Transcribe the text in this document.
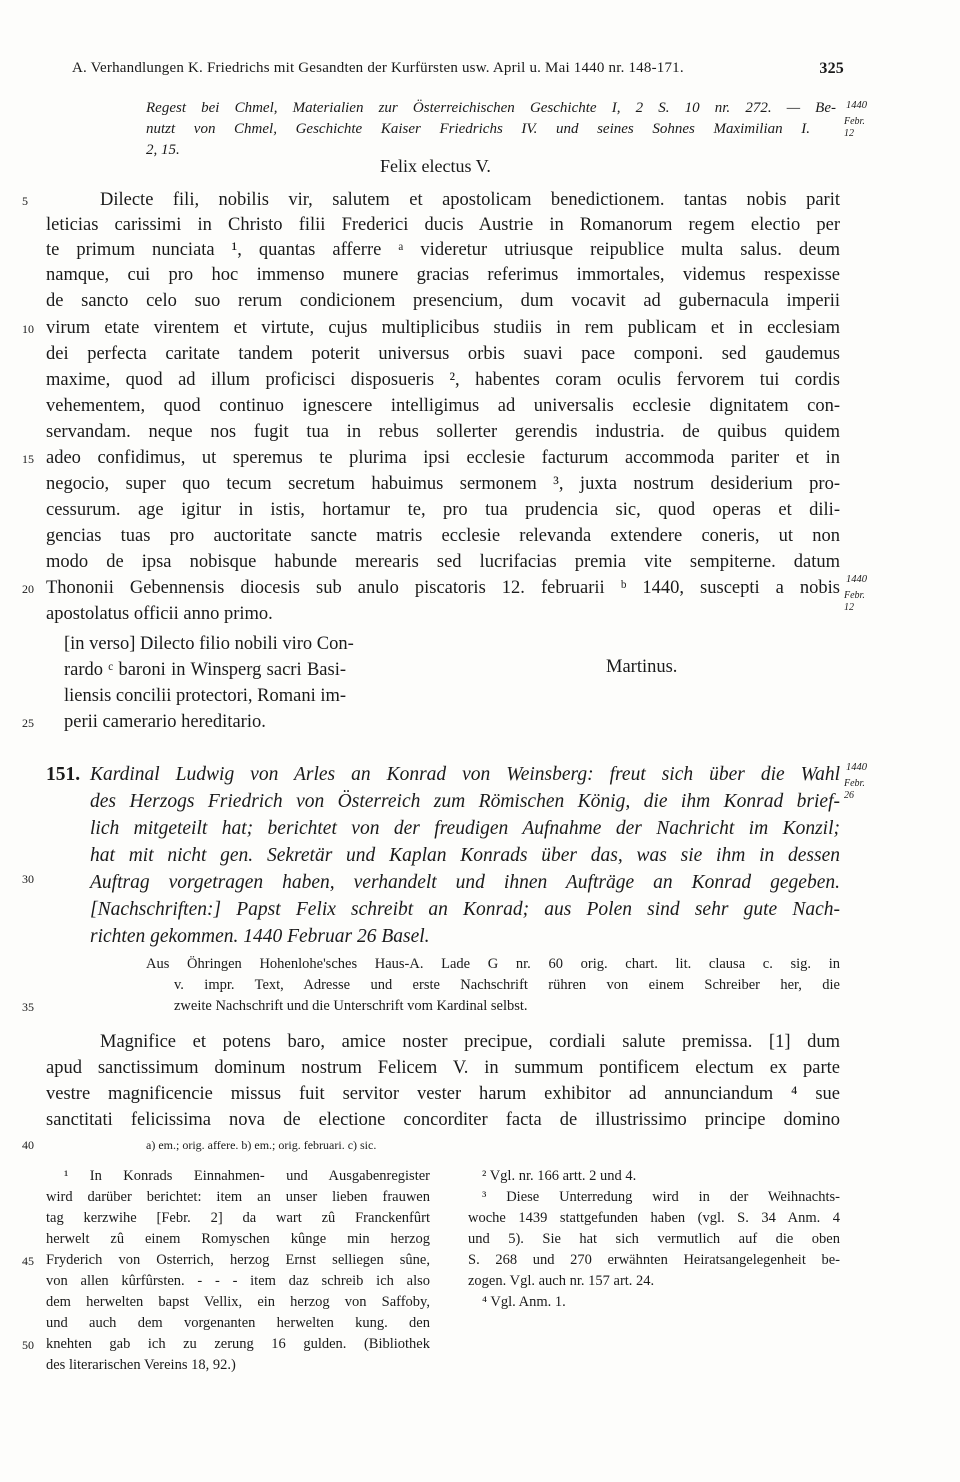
A. Verhandlungen K. Friedrichs mit Gesandten der Kurfürsten usw. April u. Mai 1440 nr. 148-171.	325
Regest bei Chmel, Materialien zur Österreichischen Geschichte I, 2 S. 10 nr. 272. — Be-
nutzt von Chmel, Geschichte Kaiser Friedrichs IV. und seines Sohnes Maximilian I.
2, 15.
1440
Febr. 12
Felix electus V.
Dilecte fili, nobilis vir, salutem et apostolicam benedictionem. tantas nobis parit
leticias carissimi in Christo filii Frederici ducis Austrie in Romanorum regem electio per
te primum nunciata ¹, quantas afferre ᵃ videretur utriusque reipublice multa salus. deum
namque, cui pro hoc immenso munere gracias referimus immortales, videmus respexisse
de sancto celo suo rerum condicionem presencium, dum vocavit ad gubernacula imperii
virum etate virentem et virtute, cujus multiplicibus studiis in rem publicam et in ecclesiam
dei perfecta caritate tandem poterit universus orbis suavi pace componi. sed gaudemus
maxime, quod ad illum proficisci disposueris ², habentes coram oculis fervorem tui cordis
vehementem, quod continuo ignescere intelligimus ad universalis ecclesie dignitatem con-
servandam. neque nos fugit tua in rebus sollerter gerendis industria. de quibus quidem
adeo confidimus, ut speremus te plurima ipsi ecclesie facturum accommoda pariter et in
negocio, super quo tecum secretum habuimus sermonem ³, juxta nostrum desiderium pro-
cessurum. age igitur in istis, hortamur te, pro tua prudencia sic, quod operas et dili-
gencias tuas pro auctoritate sancte matris ecclesie relevanda extendere coneris, ut non
modo de ipsa nobisque habunde merearis sed lucrifacias premia vite sempiterne. datum
Thononii Gebennensis diocesis sub anulo piscatoris 12. februarii ᵇ 1440, suscepti a nobis
apostolatus officii anno primo.
1440
Febr. 12
[in verso] Dilecto filio nobili viro Con-
rardo ᶜ baroni in Winsperg sacri Basi-
liensis concilii protectori, Romani im-
perii camerario hereditario.
Martinus.
Kardinal Ludwig von Arles an Konrad von Weinsberg: freut sich über die Wahl
151.
des Herzogs Friedrich von Österreich zum Römischen König, die ihm Konrad brief-
lich mitgeteilt hat; berichtet von der freudigen Aufnahme der Nachricht im Konzil;
hat mit nicht gen. Sekretär und Kaplan Konrads über das, was sie ihm in dessen
Auftrag vorgetragen haben, verhandelt und ihnen Aufträge an Konrad gegeben.
[Nachschriften:] Papst Felix schreibt an Konrad; aus Polen sind sehr gute Nach-
richten gekommen. 1440 Februar 26 Basel.
1440
Febr. 26
Aus Öhringen Hohenlohe'sches Haus-A. Lade G nr. 60 orig. chart. lit. clausa c. sig. in
v. impr. Text, Adresse und erste Nachschrift rühren von einem Schreiber her, die
zweite Nachschrift und die Unterschrift vom Kardinal selbst.
Magnifice et potens baro, amice noster precipue, cordiali salute premissa. [1] dum
apud sanctissimum dominum nostrum Felicem V. in summum pontificem electum ex parte
vestre magnificencie missus fuit servitor vester harum exhibitor ad annunciandum ⁴ sue
sanctitati felicissima nova de electione concorditer facta de illustrissimo principe domino
a) em.; orig. affere. b) em.; orig. februari. c) sic.
¹ In Konrads Einnahmen- und Ausgabenregister
wird darüber berichtet: item an unser lieben frauwen
tag kerzwihe [Febr. 2] da wart zû Franckenfûrt
herwelt zû einem Romyschen kûnge min herzog
Fryderich von Osterrich, herzog Ernst selliegen sûne,
von allen kûrfûrsten. - - - item daz schreib ich also
dem herwelten bapst Vellix, ein herzog von Saffoby,
und auch dem vorgenanten herwelten kung. den
knehten gab ich zu zerung 16 gulden. (Bibliothek
des literarischen Vereins 18, 92.)
² Vgl. nr. 166 artt. 2 und 4.
³ Diese Unterredung wird in der Weihnachts-
woche 1439 stattgefunden haben (vgl. S. 34 Anm. 4
und 5). Sie hat sich vermutlich auf die oben
S. 268 und 270 erwähnten Heiratsangelegenheit be-
zogen. Vgl. auch nr. 157 art. 24.
⁴ Vgl. Anm. 1.
5
10
15
20
25
30
35
40
45
50
